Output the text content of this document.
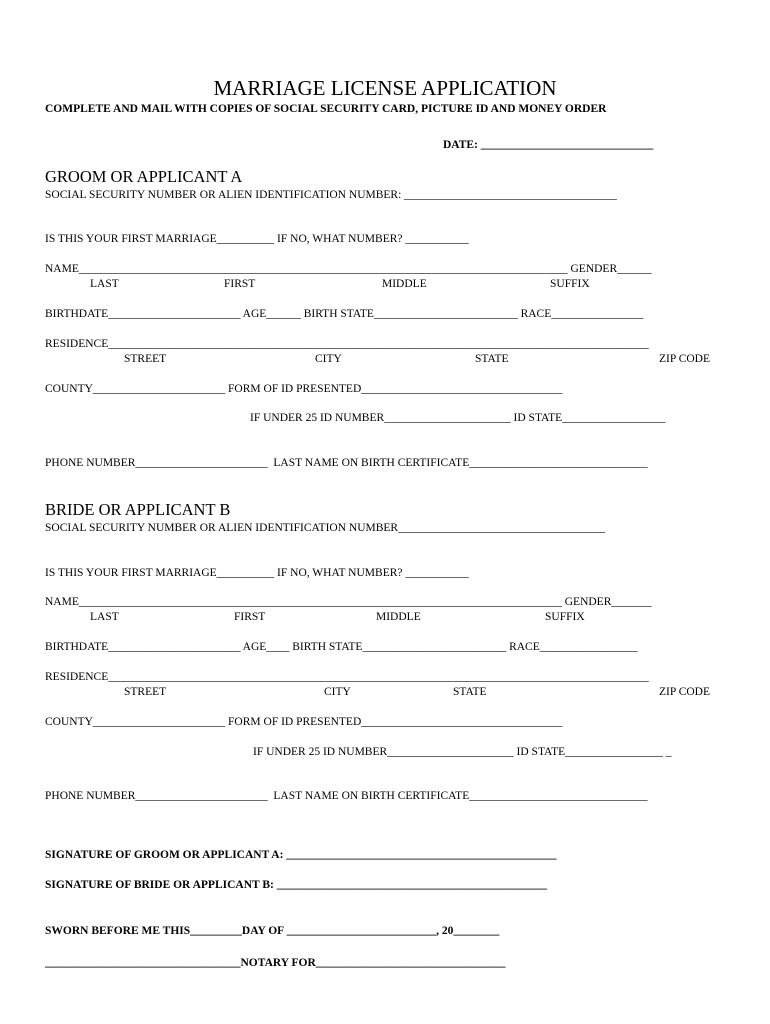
MARRIAGE LICENSE APPLICATION
COMPLETE AND MAIL WITH COPIES OF SOCIAL SECURITY CARD, PICTURE ID AND MONEY ORDER
DATE: ______________________________
GROOM OR APPLICANT A
SOCIAL SECURITY NUMBER OR ALIEN IDENTIFICATION NUMBER: _____________________________________
IS THIS YOUR FIRST MARRIAGE__________ IF NO, WHAT NUMBER? ___________
NAME_____________________________________________________________________________________ GENDER______
LAST	FIRST	MIDDLE	SUFFIX
BIRTHDATE_______________________ AGE______ BIRTH STATE_________________________ RACE________________
RESIDENCE______________________________________________________________________________________________
STREET	CITY	STATE	ZIP CODE
COUNTY_______________________ FORM OF ID PRESENTED___________________________________
IF UNDER 25 ID NUMBER______________________ ID STATE__________________
PHONE NUMBER_______________________  LAST NAME ON BIRTH CERTIFICATE_______________________________
BRIDE OR APPLICANT B
SOCIAL SECURITY NUMBER OR ALIEN IDENTIFICATION NUMBER____________________________________
IS THIS YOUR FIRST MARRIAGE__________ IF NO, WHAT NUMBER? ___________
NAME____________________________________________________________________________________ GENDER_______
LAST	FIRST	MIDDLE	SUFFIX
BIRTHDATE_______________________ AGE____ BIRTH STATE_________________________ RACE_________________
RESIDENCE______________________________________________________________________________________________
STREET	CITY	STATE	ZIP CODE
COUNTY_______________________ FORM OF ID PRESENTED___________________________________
IF UNDER 25 ID NUMBER______________________ ID STATE_________________ _
PHONE NUMBER_______________________  LAST NAME ON BIRTH CERTIFICATE_______________________________
SIGNATURE OF GROOM OR APPLICANT A: _______________________________________________
SIGNATURE OF BRIDE OR APPLICANT B: _______________________________________________
SWORN BEFORE ME THIS_________DAY OF __________________________, 20________
__________________________________NOTARY FOR_________________________________
